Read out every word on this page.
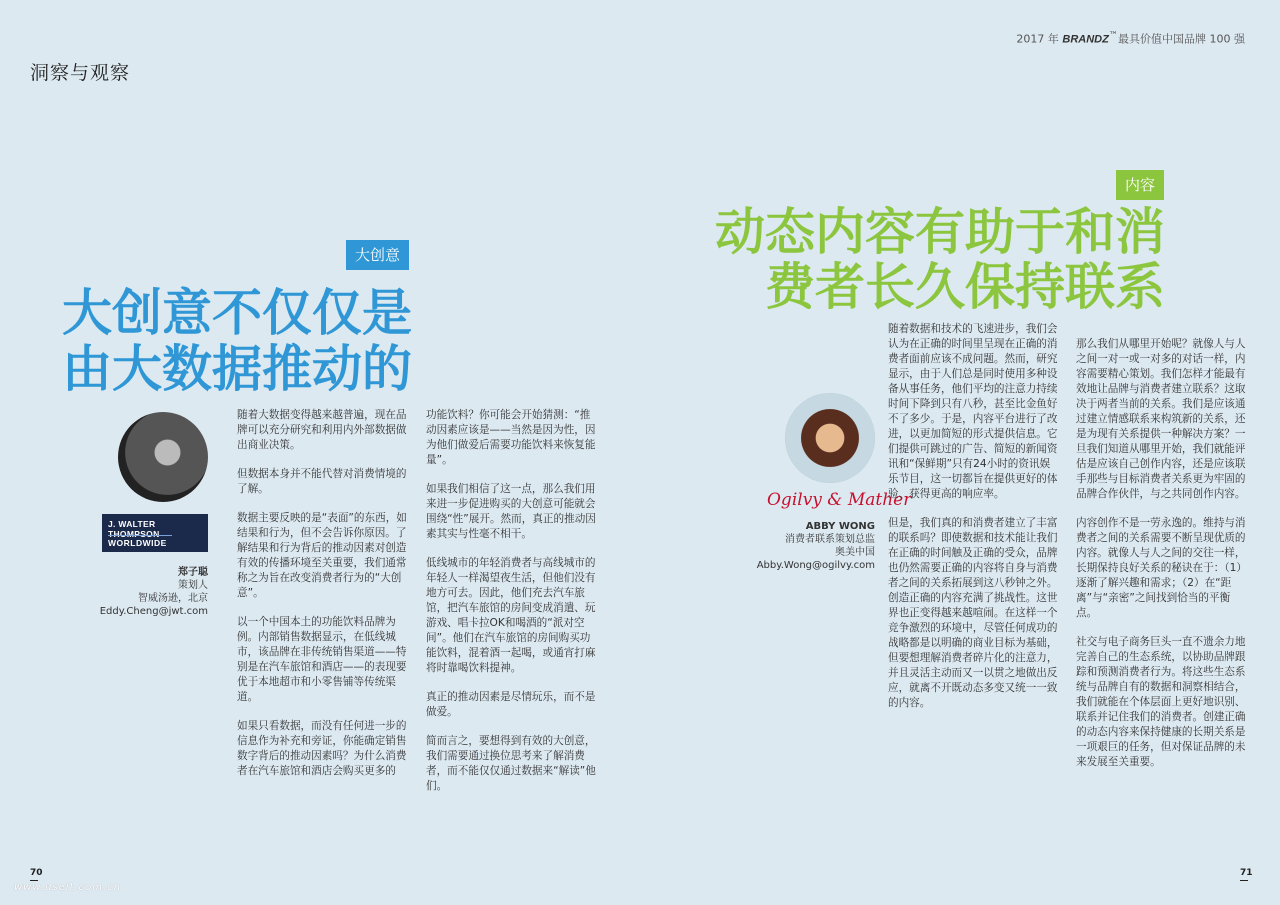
洞察与观察
2017 年 BRANDZ™最具价值中国品牌 100 强
大创意
大创意不仅仅是
由大数据推动的
J. WALTER THOMPSON
WORLDWIDE
郑子聪
策划人
智威汤逊，北京
Eddy.Cheng@jwt.com

随着大数据变得越来越普遍，现在品牌可以充分研究和利用内外部数据做出商业决策。

但数据本身并不能代替对消费情境的了解。

数据主要反映的是“表面”的东西，如结果和行为，但不会告诉你原因。了解结果和行为背后的推动因素对创造有效的传播环境至关重要，我们通常称之为旨在改变消费者行为的“大创意”。

以一个中国本土的功能饮料品牌为例。内部销售数据显示，在低线城市，该品牌在非传统销售渠道——特别是在汽车旅馆和酒店——的表现要优于本地超市和小零售铺等传统渠道。

如果只看数据，而没有任何进一步的信息作为补充和旁证，你能确定销售数字背后的推动因素吗？为什么消费者在汽车旅馆和酒店会购买更多的

功能饮料？你可能会开始猜测：“推动因素应该是——当然是因为性，因为他们做爱后需要功能饮料来恢复能量”。

如果我们相信了这一点，那么我们用来进一步促进购买的大创意可能就会围绕“性”展开。然而，真正的推动因素其实与性毫不相干。

低线城市的年轻消费者与高线城市的年轻人一样渴望夜生活，但他们没有地方可去。因此，他们充去汽车旅馆，把汽车旅馆的房间变成消遣、玩游戏、唱卡拉OK和喝酒的“派对空间”。他们在汽车旅馆的房间购买功能饮料，混着酒一起喝，或通宵打麻将时靠喝饮料提神。

真正的推动因素是尽情玩乐，而不是做爱。

简而言之，要想得到有效的大创意，我们需要通过换位思考来了解消费者，而不能仅仅通过数据来“解读”他们。

70
www.useit.com.cn
内容
动态内容有助于和消
费者长久保持联系
Ogilvy & Mather
ABBY WONG
消费者联系策划总监
奥美中国
Abby.Wong@ogilvy.com

随着数据和技术的飞速进步，我们会认为在正确的时间里呈现在正确的消费者面前应该不成问题。然而，研究显示，由于人们总是同时使用多种设备从事任务，他们平均的注意力持续时间下降到只有八秒，甚至比金鱼好不了多少。于是，内容平台进行了改进，以更加简短的形式提供信息。它们提供可跳过的广告、简短的新闻资讯和“保鲜期”只有24小时的资讯娱乐节目，这一切都旨在提供更好的体验、获得更高的响应率。

但是，我们真的和消费者建立了丰富的联系吗？即使数据和技术能让我们在正确的时间触及正确的受众，品牌也仍然需要正确的内容将自身与消费者之间的关系拓展到这八秒钟之外。创造正确的内容充满了挑战性。这世界也正变得越来越喧闹。在这样一个竞争激烈的环境中，尽管任何成功的战略都是以明确的商业目标为基础，但要想理解消费者碎片化的注意力，并且灵活主动而又一以贯之地做出反应，就离不开既动态多变又统一一致的内容。

那么我们从哪里开始呢？就像人与人之间一对一或一对多的对话一样，内容需要精心策划。我们怎样才能最有效地让品牌与消费者建立联系？这取决于两者当前的关系。我们是应该通过建立情感联系来构筑新的关系，还是为现有关系提供一种解决方案？一旦我们知道从哪里开始，我们就能评估是应该自己创作内容，还是应该联手那些与目标消费者关系更为牢固的品牌合作伙伴，与之共同创作内容。

内容创作不是一劳永逸的。维持与消费者之间的关系需要不断呈现优质的内容。就像人与人之间的交往一样，长期保持良好关系的秘诀在于：（1）逐渐了解兴趣和需求；（2）在“距离”与“亲密”之间找到恰当的平衡点。

社交与电子商务巨头一直不遗余力地完善自己的生态系统，以协助品牌跟踪和预测消费者行为。将这些生态系统与品牌自有的数据和洞察相结合，我们就能在个体层面上更好地识别、联系并记住我们的消费者。创建正确的动态内容来保持健康的长期关系是一项艰巨的任务，但对保证品牌的未来发展至关重要。

71
